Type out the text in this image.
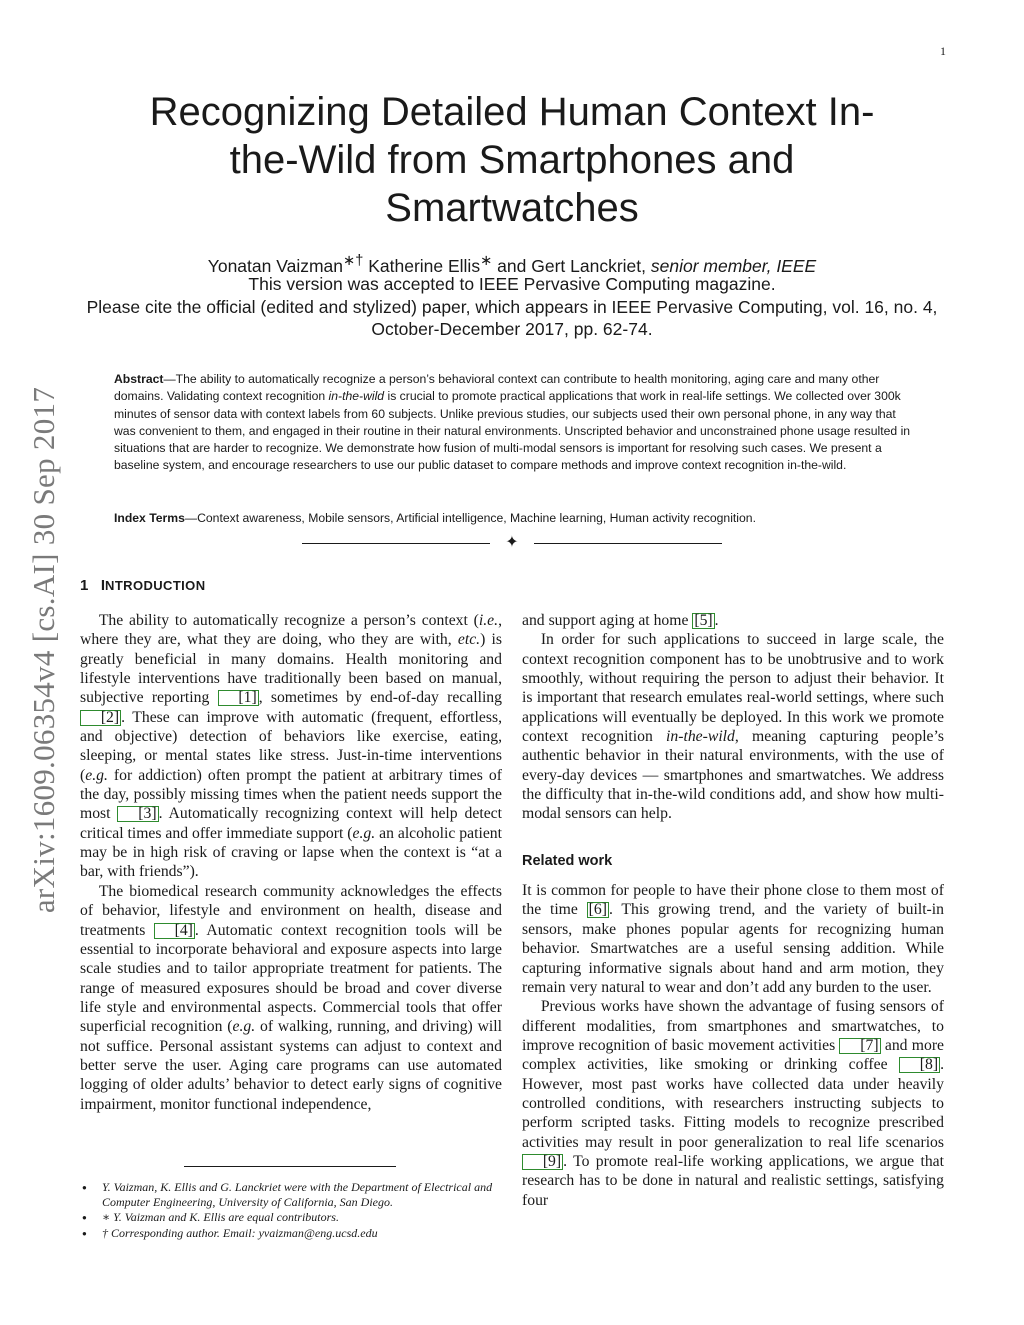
1
arXiv:1609.06354v4 [cs.AI] 30 Sep 2017
Recognizing Detailed Human Context In-the-Wild from Smartphones and Smartwatches

Yonatan Vaizman∗† Katherine Ellis∗ and Gert Lanckriet, senior member, IEEE

This version was accepted to IEEE Pervasive Computing magazine.

Please cite the official (edited and stylized) paper, which appears in IEEE Pervasive Computing, vol. 16, no. 4, October-December 2017, pp. 62-74.

Abstract—The ability to automatically recognize a person’s behavioral context can contribute to health monitoring, aging care and many other domains. Validating context recognition in-the-wild is crucial to promote practical applications that work in real-life settings. We collected over 300k minutes of sensor data with context labels from 60 subjects. Unlike previous studies, our subjects used their own personal phone, in any way that was convenient to them, and engaged in their routine in their natural environments. Unscripted behavior and unconstrained phone usage resulted in situations that are harder to recognize. We demonstrate how fusion of multi-modal sensors is important for resolving such cases. We present a baseline system, and encourage researchers to use our public dataset to compare methods and improve context recognition in-the-wild.

Index Terms—Context awareness, Mobile sensors, Artificial intelligence, Machine learning, Human activity recognition.

✦
1 INTRODUCTION

The ability to automatically recognize a person’s context (i.e., where they are, what they are doing, who they are with, etc.) is greatly beneficial in many domains. Health monitoring and lifestyle interventions have traditionally been based on manual, subjective reporting [1] , sometimes by end-of-day recalling [2] . These can improve with automatic (frequent, effortless, and objective) detection of behaviors like exercise, eating, sleeping, or mental states like stress. Just-in-time interventions (e.g. for addiction) often prompt the patient at arbitrary times of the day, possibly missing times when the patient needs support the most [3] . Automatically recognizing context will help detect critical times and offer immediate support (e.g. an alcoholic patient may be in high risk of craving or lapse when the context is “at a bar, with friends”).

The biomedical research community acknowledges the effects of behavior, lifestyle and environment on health, disease and treatments [4] . Automatic context recognition tools will be essential to incorporate behavioral and exposure aspects into large scale studies and to tailor appropriate treatment for patients. The range of measured exposures should be broad and cover diverse life style and environmental aspects. Commercial tools that offer superficial recognition (e.g. of walking, running, and driving) will not suffice. Personal assistant systems can adjust to context and better serve the user. Aging care programs can use automated logging of older adults’ behavior to detect early signs of cognitive impairment, monitor functional independence,

and support aging at home [5] .

In order for such applications to succeed in large scale, the context recognition component has to be unobtrusive and to work smoothly, without requiring the person to adjust their behavior. It is important that research emulates real-world settings, where such applications will eventually be deployed. In this work we promote context recognition in-the-wild, meaning capturing people’s authentic behavior in their natural environments, with the use of every-day devices — smartphones and smartwatches. We address the difficulty that in-the-wild conditions add, and show how multi-modal sensors can help.

Related work

It is common for people to have their phone close to them most of the time [6] . This growing trend, and the variety of built-in sensors, make phones popular agents for recognizing human behavior. Smartwatches are a useful sensing addition. While capturing informative signals about hand and arm motion, they remain very natural to wear and don’t add any burden to the user.

Previous works have shown the advantage of fusing sensors of different modalities, from smartphones and smartwatches, to improve recognition of basic movement activities [7] and more complex activities, like smoking or drinking coffee [8] . However, most past works have collected data under heavily controlled conditions, with researchers instructing subjects to perform scripted tasks. Fitting models to recognize prescribed activities may result in poor generalization to real life scenarios [9] . To promote real-life working applications, we argue that research has to be done in natural and realistic settings, satisfying four

● Y. Vaizman, K. Ellis and G. Lanckriet were with the Department of Electrical and Computer Engineering, University of California, San Diego.
● ∗ Y. Vaizman and K. Ellis are equal contributors.
● † Corresponding author. Email: yvaizman@eng.ucsd.edu
